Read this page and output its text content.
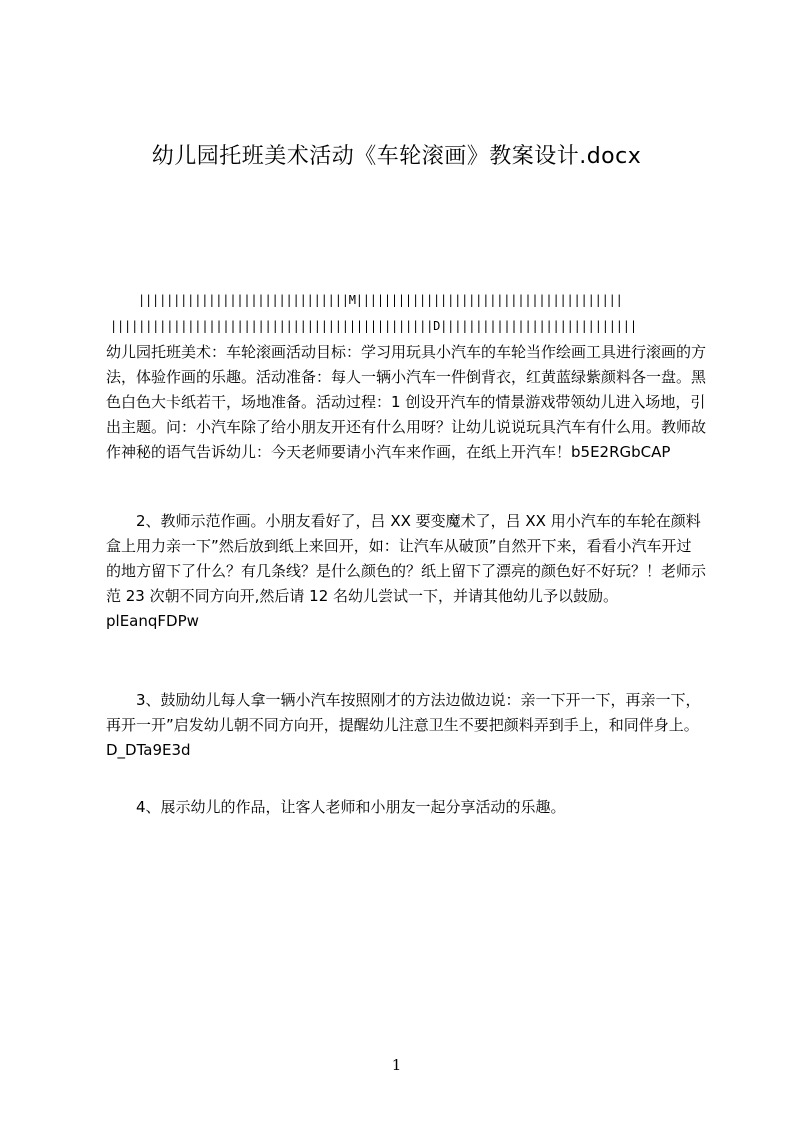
幼儿园托班美术活动《车轮滚画》教案设计.docx
||||||||||||||||||||||||||||||M||||||||||||||||||||||||||||||||||||||
||||||||||||||||||||||||||||||||||||||||||||||D||||||||||||||||||||||||||||
幼儿园托班美术：车轮滚画活动目标：学习用玩具小汽车的车轮当作绘画工具进行滚画的方法，体验作画的乐趣。活动准备：每人一辆小汽车一件倒背衣，红黄蓝绿紫颜料各一盘。黑色白色大卡纸若干，场地准备。活动过程：1 创设开汽车的情景游戏带领幼儿进入场地，引出主题。问：小汽车除了给小朋友开还有什么用呀？让幼儿说说玩具汽车有什么用。教师故作神秘的语气告诉幼儿：今天老师要请小汽车来作画，在纸上开汽车！b5E2RGbCAP
2、教师示范作画。小朋友看好了，吕 XX 要变魔术了，吕 XX 用小汽车的车轮在颜料盒上用力亲一下”然后放到纸上来回开，如：让汽车从破顶”自然开下来，看看小汽车开过的地方留下了什么？有几条线？是什么颜色的？纸上留下了漂亮的颜色好不好玩？！老师示范 23 次朝不同方向开,然后请 12 名幼儿尝试一下，并请其他幼儿予以鼓励。plEanqFDPw
3、鼓励幼儿每人拿一辆小汽车按照刚才的方法边做边说：亲一下开一下，再亲一下，再开一开”启发幼儿朝不同方向开，提醒幼儿注意卫生不要把颜料弄到手上，和同伴身上。D_DTa9E3d
4、展示幼儿的作品，让客人老师和小朋友一起分享活动的乐趣。
1
